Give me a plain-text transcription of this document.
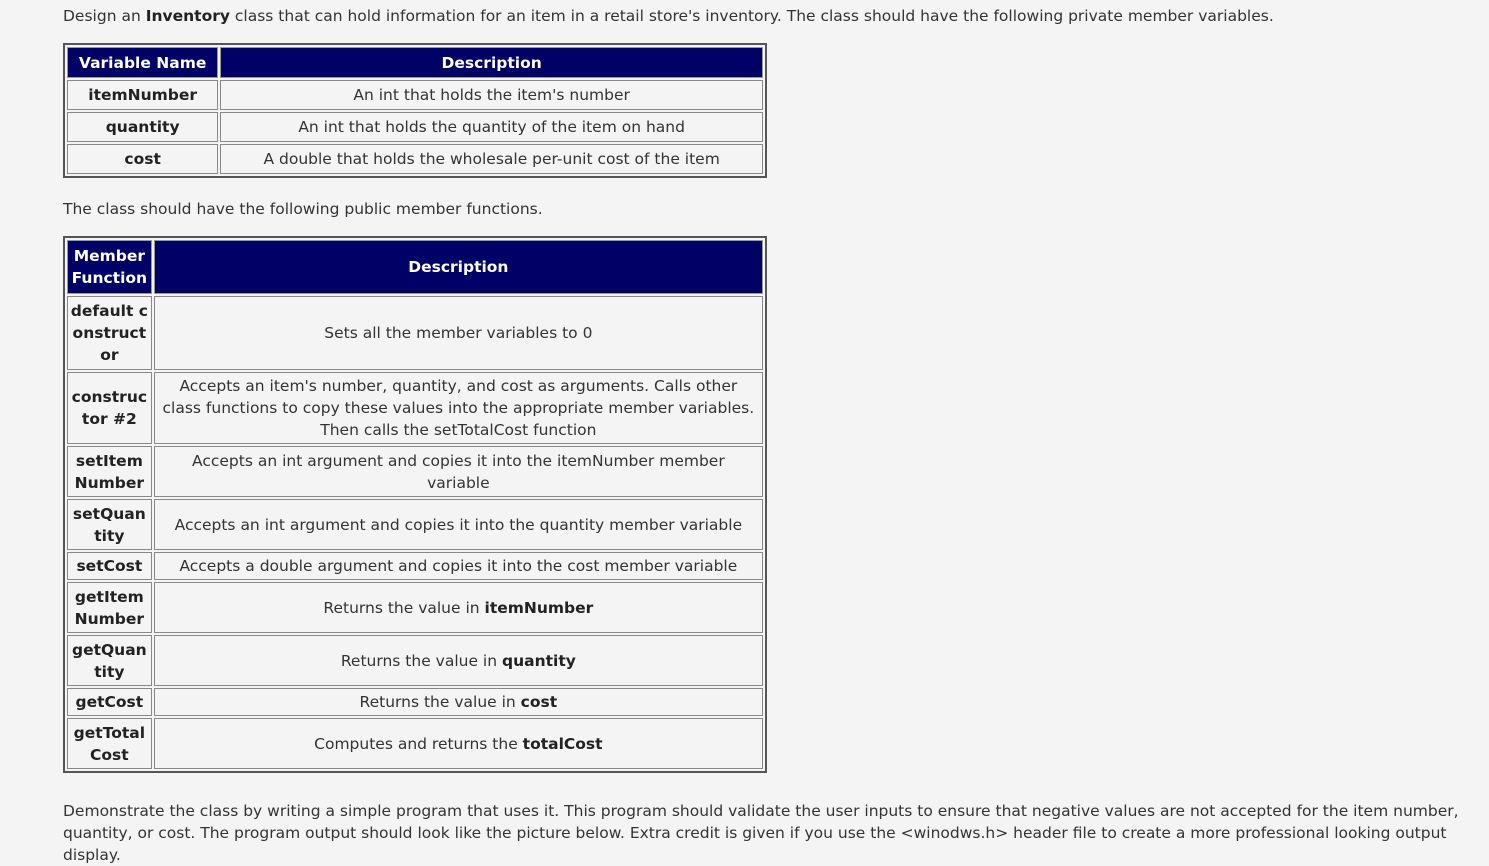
Design an Inventory class that can hold information for an item in a retail store's inventory. The class should have the following private member variables.

Variable Name	Description
itemNumber	An int that holds the item's number
quantity	An int that holds the quantity of the item on hand
cost	A double that holds the wholesale per-unit cost of the item

The class should have the following public member functions.

Member Function	Description
default constructor	Sets all the member variables to 0
constructor #2	Accepts an item's number, quantity, and cost as arguments. Calls other class functions to copy these values into the appropriate member variables. Then calls the setTotalCost function
setItemNumber	Accepts an int argument and copies it into the itemNumber member variable
setQuantity	Accepts an int argument and copies it into the quantity member variable
setCost	Accepts a double argument and copies it into the cost member variable
getItemNumber	Returns the value in itemNumber
getQuantity	Returns the value in quantity
getCost	Returns the value in cost
getTotalCost	Computes and returns the totalCost

Demonstrate the class by writing a simple program that uses it. This program should validate the user inputs to ensure that negative values are not accepted for the item number, quantity, or cost. The program output should look like the picture below. Extra credit is given if you use the <winodws.h> header file to create a more professional looking output display.
